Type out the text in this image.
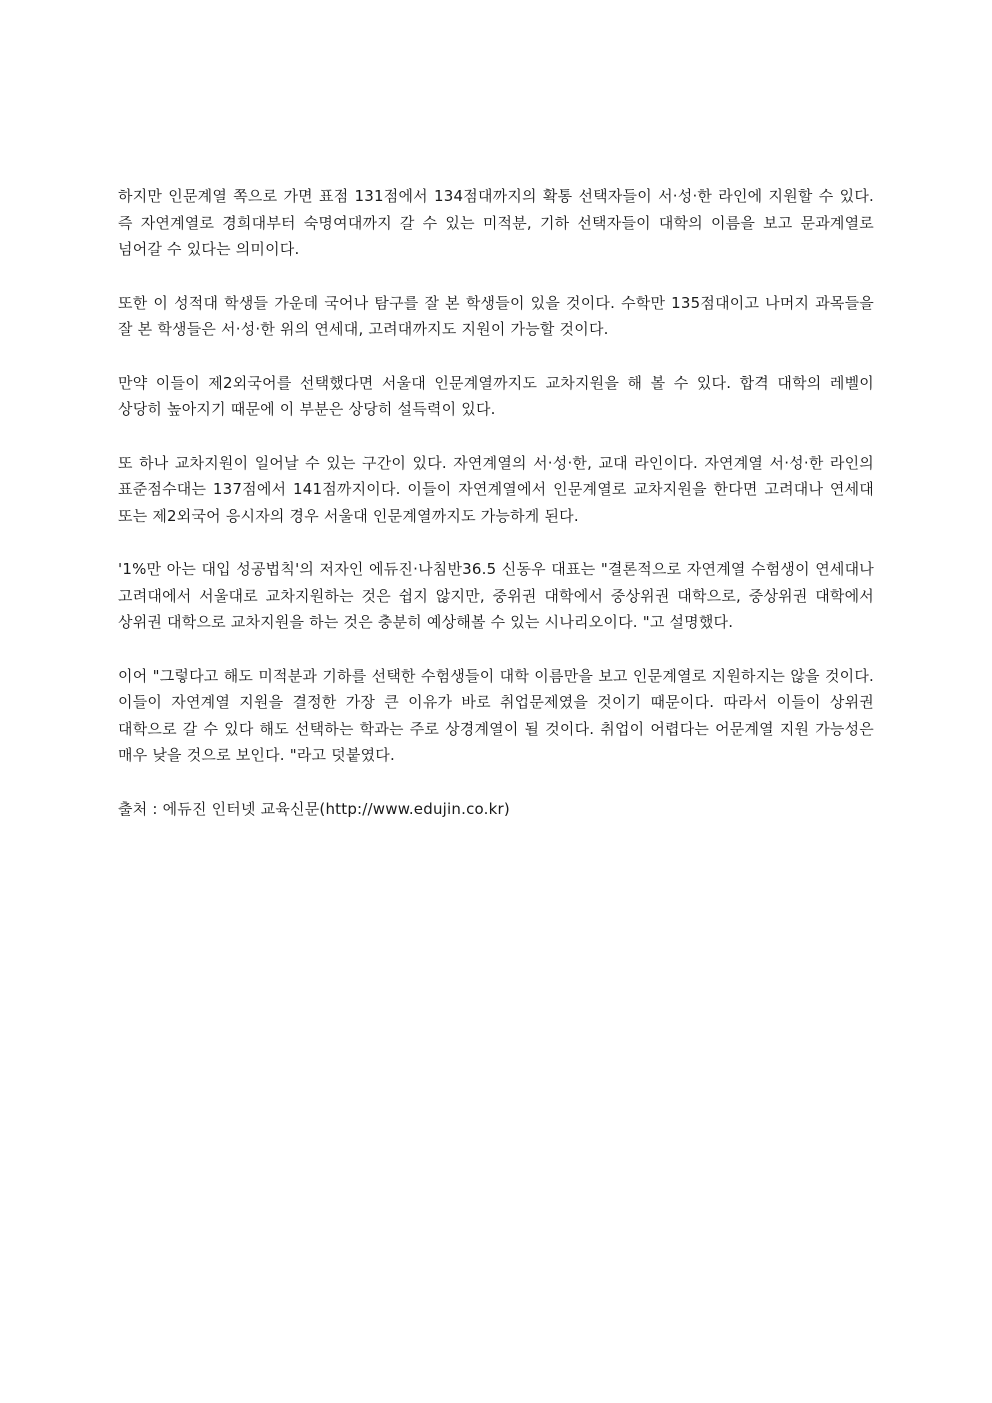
하지만 인문계열 쪽으로 가면 표점 131점에서 134점대까지의 확통 선택자들이 서·성·한 라인에 지원할 수 있다. 즉 자연계열로 경희대부터 숙명여대까지 갈 수 있는 미적분, 기하 선택자들이 대학의 이름을 보고 문과계열로 넘어갈 수 있다는 의미이다.

또한 이 성적대 학생들 가운데 국어나 탐구를 잘 본 학생들이 있을 것이다. 수학만 135점대이고 나머지 과목들을 잘 본 학생들은 서·성·한 위의 연세대, 고려대까지도 지원이 가능할 것이다.

만약 이들이 제2외국어를 선택했다면 서울대 인문계열까지도 교차지원을 해 볼 수 있다. 합격 대학의 레벨이 상당히 높아지기 때문에 이 부분은 상당히 설득력이 있다.

또 하나 교차지원이 일어날 수 있는 구간이 있다. 자연계열의 서·성·한, 교대 라인이다. 자연계열 서·성·한 라인의 표준점수대는 137점에서 141점까지이다. 이들이 자연계열에서 인문계열로 교차지원을 한다면 고려대나 연세대 또는 제2외국어 응시자의 경우 서울대 인문계열까지도 가능하게 된다.

'1%만 아는 대입 성공법칙'의 저자인 에듀진·나침반36.5 신동우 대표는 "결론적으로 자연계열 수험생이 연세대나 고려대에서 서울대로 교차지원하는 것은 쉽지 않지만, 중위권 대학에서 중상위권 대학으로, 중상위권 대학에서 상위권 대학으로 교차지원을 하는 것은 충분히 예상해볼 수 있는 시나리오이다. "고 설명했다.

이어 "그렇다고 해도 미적분과 기하를 선택한 수험생들이 대학 이름만을 보고 인문계열로 지원하지는 않을 것이다. 이들이 자연계열 지원을 결정한 가장 큰 이유가 바로 취업문제였을 것이기 때문이다. 따라서 이들이 상위권 대학으로 갈 수 있다 해도 선택하는 학과는 주로 상경계열이 될 것이다. 취업이 어렵다는 어문계열 지원 가능성은 매우 낮을 것으로 보인다. "라고 덧붙였다.

출처 : 에듀진 인터넷 교육신문(http://www.edujin.co.kr)
